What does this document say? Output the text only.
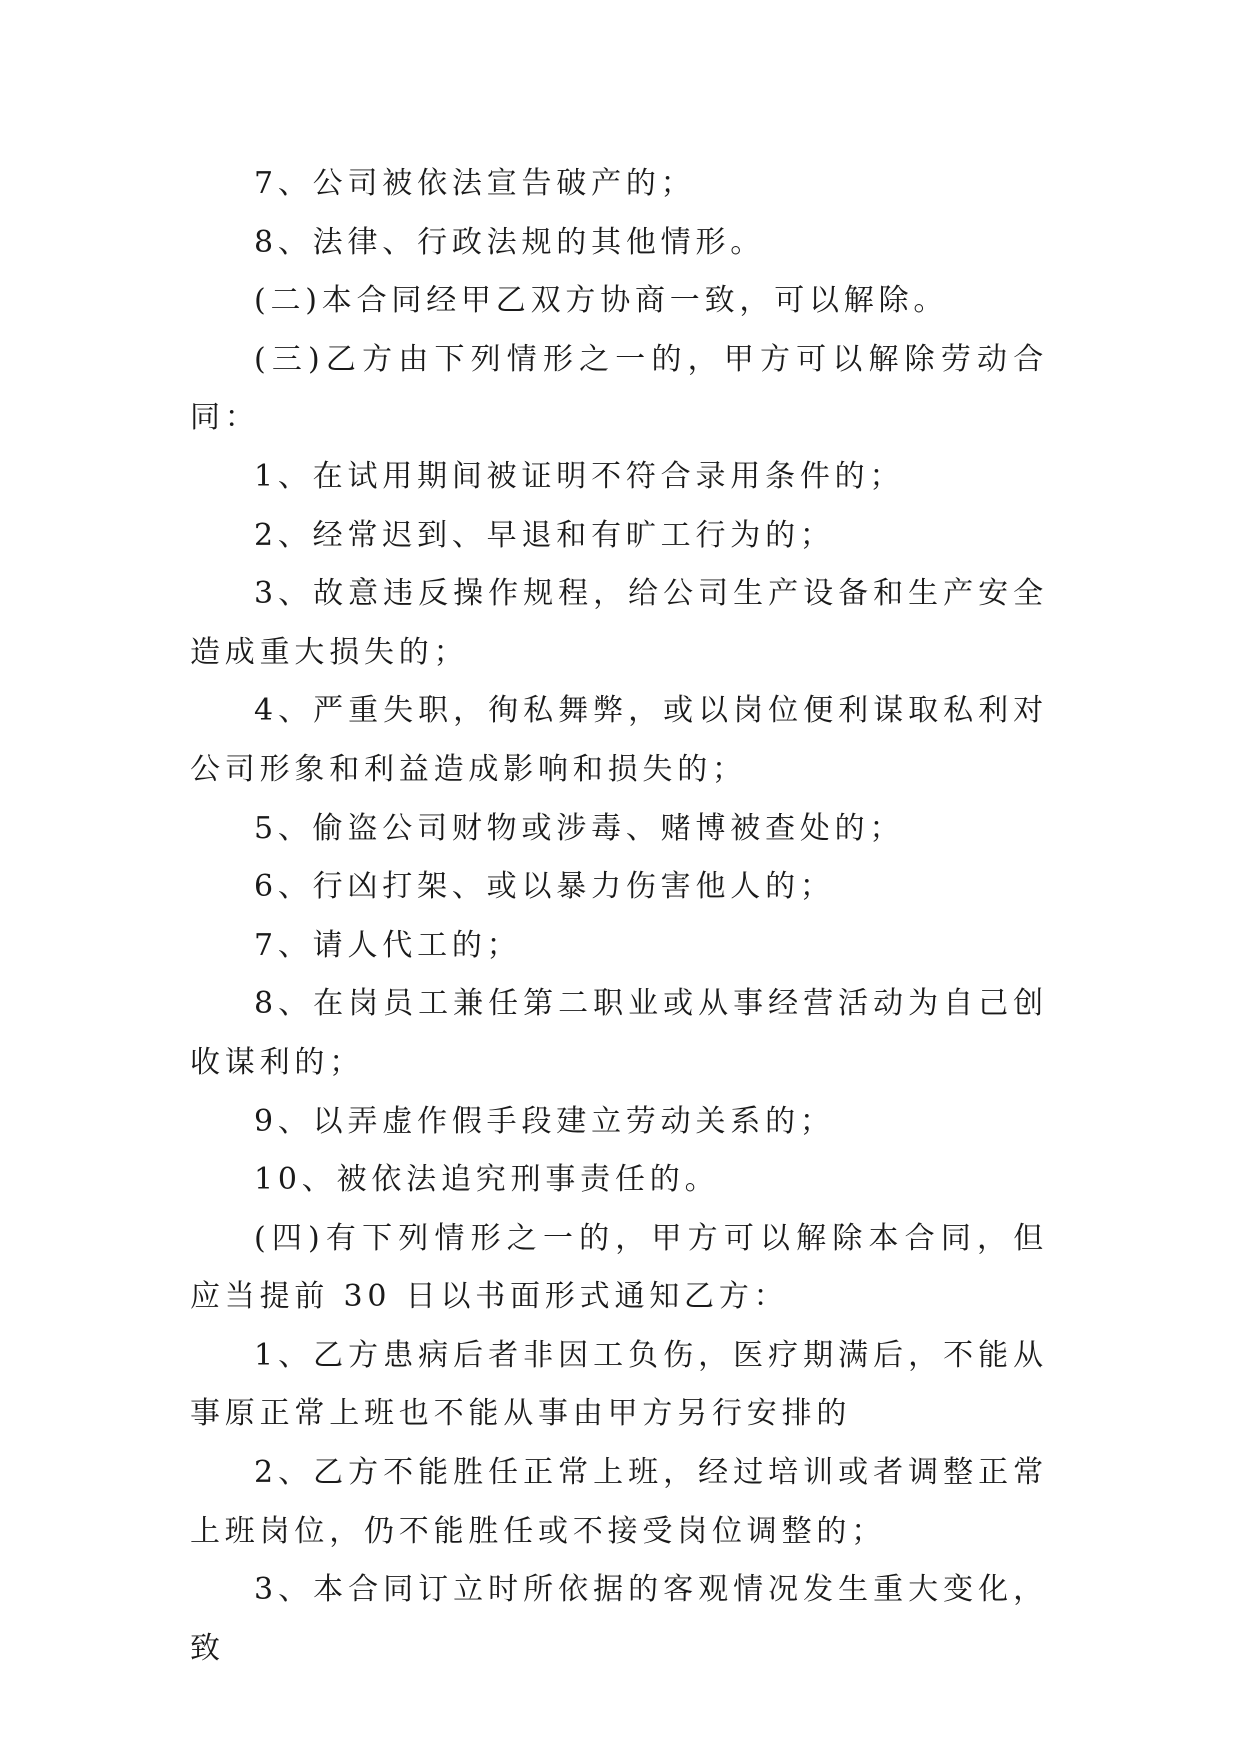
7、公司被依法宣告破产的；

8、法律、行政法规的其他情形。

(二)本合同经甲乙双方协商一致，可以解除。

(三)乙方由下列情形之一的，甲方可以解除劳动合同：

1、在试用期间被证明不符合录用条件的；

2、经常迟到、早退和有旷工行为的；

3、故意违反操作规程，给公司生产设备和生产安全造成重大损失的；

4、严重失职，徇私舞弊，或以岗位便利谋取私利对公司形象和利益造成影响和损失的；

5、偷盗公司财物或涉毒、赌博被查处的；

6、行凶打架、或以暴力伤害他人的；

7、请人代工的；

8、在岗员工兼任第二职业或从事经营活动为自己创收谋利的；

9、以弄虚作假手段建立劳动关系的；

10、被依法追究刑事责任的。

(四)有下列情形之一的，甲方可以解除本合同，但应当提前 30 日以书面形式通知乙方：

1、乙方患病后者非因工负伤，医疗期满后，不能从事原正常上班也不能从事由甲方另行安排的

2、乙方不能胜任正常上班，经过培训或者调整正常上班岗位，仍不能胜任或不接受岗位调整的；

3、本合同订立时所依据的客观情况发生重大变化，致
